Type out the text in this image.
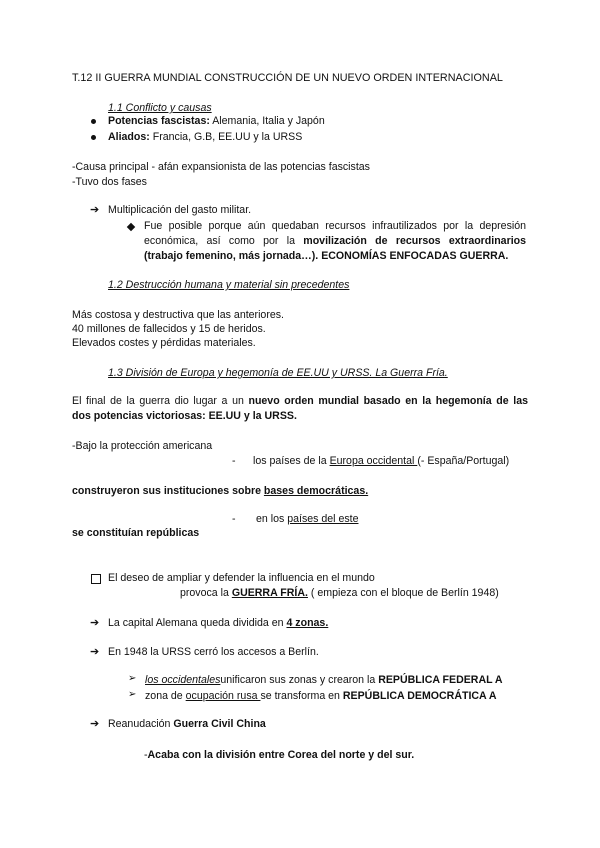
T.12 II GUERRA MUNDIAL CONSTRUCCIÓN DE UN NUEVO ORDEN INTERNACIONAL
1.1 Conflicto y causas
Potencias fascistas: Alemania, Italia y Japón
Aliados: Francia, G.B, EE.UU y la URSS
-Causa principal - afán expansionista de las potencias fascistas
-Tuvo dos fases
➔ Multiplicación del gasto militar.
Fue posible porque aún quedaban recursos infrautilizados por la depresión
económica, así como por la movilización de recursos extraordinarios
(trabajo femenino, más jornada…). ECONOMÍAS ENFOCADAS GUERRA.
1.2 Destrucción humana y material sin precedentes
Más costosa y destructiva que las anteriores.
40 millones de fallecidos y 15 de heridos.
Elevados costes y pérdidas materiales.
1.3 División de Europa y hegemonía de EE.UU y URSS. La Guerra Fría.
El final de la guerra dio lugar a un nuevo orden mundial basado en la hegemonía de las
dos potencias victoriosas: EE.UU y la URSS.
-Bajo la protección americana
- los países de la Europa occidental (- España/Portugal)
construyeron sus instituciones sobre bases democráticas.
- en los países del este
se constituían repúblicas
El deseo de ampliar y defender la influencia en el mundo
provoca la GUERRA FRÍA. ( empieza con el bloque de Berlín 1948)
➔ La capital Alemana queda dividida en 4 zonas.
➔ En 1948 la URSS cerró los accesos a Berlín.
➢ los occidentalesunificaron sus zonas y crearon la REPÚBLICA FEDERAL A
➢ zona de ocupación rusa se transforma en REPÚBLICA DEMOCRÁTICA A
➔ Reanudación Guerra Civil China
-Acaba con la división entre Corea del norte y del sur.
